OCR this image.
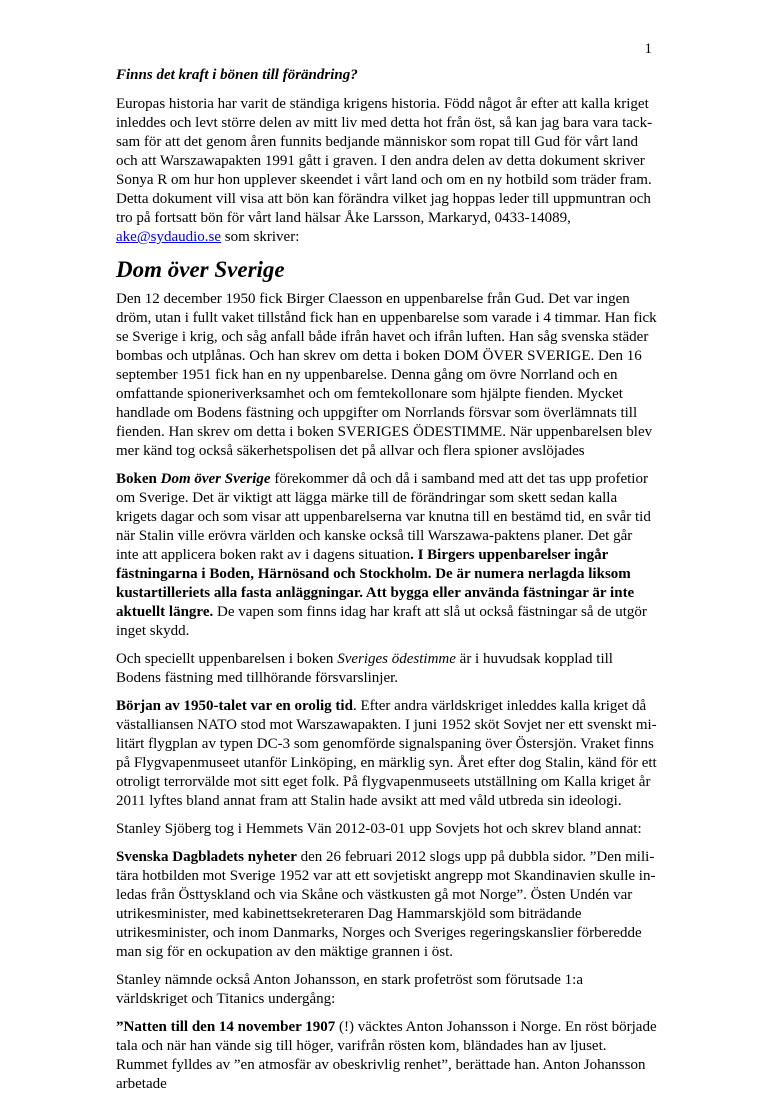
1

Finns det kraft i bönen till förändring?

Europas historia har varit de ständiga krigens historia. Född något år efter att kalla kriget inleddes och levt större delen av mitt liv med detta hot från öst, så kan jag bara vara tacksam för att det genom åren funnits bedjande människor som ropat till Gud för vårt land och att Warszawapakten 1991 gått i graven. I den andra delen av detta dokument skriver Sonya R om hur hon upplever skeendet i vårt land och om en ny hotbild som träder fram. Detta dokument vill visa att bön kan förändra vilket jag hoppas leder till uppmuntran och tro på fortsatt bön för vårt land hälsar Åke Larsson, Markaryd, 0433-14089, ake@sydaudio.se som skriver:

Dom över Sverige

Den 12 december 1950 fick Birger Claesson en uppenbarelse från Gud. Det var ingen dröm, utan i fullt vaket tillstånd fick han en uppenbarelse som varade i 4 timmar. Han fick se Sverige i krig, och såg anfall både ifrån havet och ifrån luften. Han såg svenska städer bombas och utplånas. Och han skrev om detta i boken DOM ÖVER SVERIGE. Den 16 september 1951 fick han en ny uppenbarelse. Denna gång om övre Norrland och en omfattande spioneriverksamhet och om femtekollonare som hjälpte fienden. Mycket handlade om Bodens fästning och uppgifter om Norrlands försvar som överlämnats till fienden. Han skrev om detta i boken SVERIGES ÖDESTIMME. När uppenbarelsen blev mer känd tog också säkerhetspolisen det på allvar och flera spioner avslöjades

Boken Dom över Sverige förekommer då och då i samband med att det tas upp profetior om Sverige. Det är viktigt att lägga märke till de förändringar som skett sedan kalla krigets dagar och som visar att uppenbarelserna var knutna till en bestämd tid, en svår tid när Stalin ville erövra världen och kanske också till Warszawa-paktens planer. Det går inte att applicera boken rakt av i dagens situation. I Birgers uppenbarelser ingår fästningarna i Boden, Härnösand och Stockholm. De är numera nerlagda liksom kustartilleriets alla fasta anläggningar. Att bygga eller använda fästningar är inte aktuellt längre. De vapen som finns idag har kraft att slå ut också fästningar så de utgör inget skydd.

Och speciellt uppenbarelsen i boken Sveriges ödestimme är i huvudsak kopplad till Bodens fästning med tillhörande försvarslinjer.

Början av 1950-talet var en orolig tid. Efter andra världskriget inleddes kalla kriget då västalliansen NATO stod mot Warszawapakten. I juni 1952 sköt Sovjet ner ett svenskt militärt flygplan av typen DC-3 som genomförde signalspaning över Östersjön. Vraket finns på Flygvapenmuseet utanför Linköping, en märklig syn. Året efter dog Stalin, känd för ett otroligt terrorvälde mot sitt eget folk. På flygvapenmuseets utställning om Kalla kriget år 2011 lyftes bland annat fram att Stalin hade avsikt att med våld utbreda sin ideologi.

Stanley Sjöberg tog i Hemmets Vän 2012-03-01 upp Sovjets hot och skrev bland annat:

Svenska Dagbladets nyheter den 26 februari 2012 slogs upp på dubbla sidor. ”Den militära hotbilden mot Sverige 1952 var att ett sovjetiskt angrepp mot Skandinavien skulle inledas från Östtyskland och via Skåne och västkusten gå mot Norge”. Östen Undén var utrikesminister, med kabinettsekreteraren Dag Hammarskjöld som biträdande utrikesminister, och inom Danmarks, Norges och Sveriges regeringskanslier förberedde man sig för en ockupation av den mäktige grannen i öst.

Stanley nämnde också Anton Johansson, en stark profetröst som förutsade 1:a världskriget och Titanics undergång:

”Natten till den 14 november 1907 (!) väcktes Anton Johansson i Norge. En röst började tala och när han vände sig till höger, varifrån rösten kom, bländades han av ljuset. Rummet fylldes av ”en atmosfär av obeskrivlig renhet”, berättade han. Anton Johansson arbetade
